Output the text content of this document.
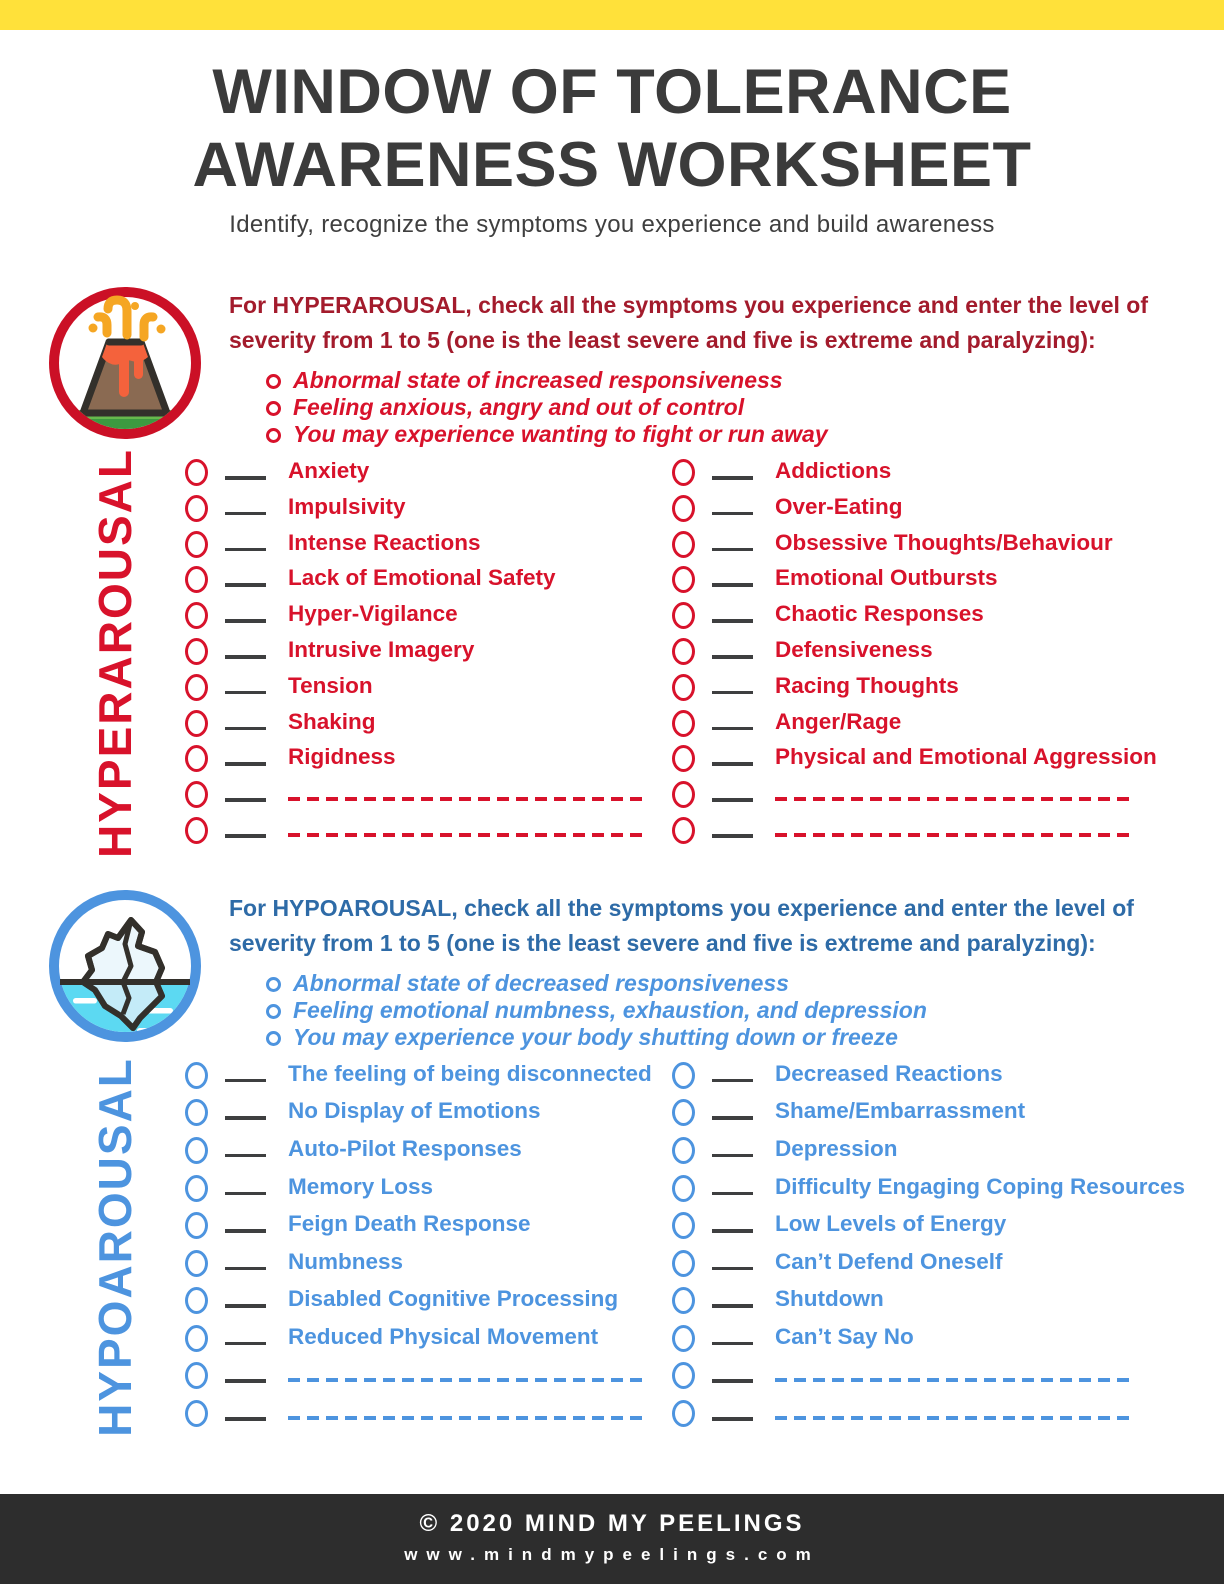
WINDOW OF TOLERANCE
AWARENESS WORKSHEET
Identify, recognize the symptoms you experience and build awareness

For HYPERAROUSAL, check all the symptoms you experience and enter the level of severity from 1 to 5 (one is the least severe and five is extreme and paralyzing):

Abnormal state of increased responsiveness
Feeling anxious, angry and out of control
You may experience wanting to fight or run away
HYPERAROUSAL	Anxiety
Impulsivity
Intense Reactions
Lack of Emotional Safety
Hyper-Vigilance
Intrusive Imagery
Tension
Shaking
Rigidness
Addictions
Over-Eating
Obsessive Thoughts/Behaviour
Emotional Outbursts
Chaotic Responses
Defensiveness
Racing Thoughts
Anger/Rage
Physical and Emotional Aggression

For HYPOAROUSAL, check all the symptoms you experience and enter the level of severity from 1 to 5 (one is the least severe and five is extreme and paralyzing):

Abnormal state of decreased responsiveness
Feeling emotional numbness, exhaustion, and depression
You may experience your body shutting down or freeze
HYPOAROUSAL	The feeling of being disconnected
No Display of Emotions
Auto-Pilot Responses
Memory Loss
Feign Death Response
Numbness
Disabled Cognitive Processing
Reduced Physical Movement
Decreased Reactions
Shame/Embarrassment
Depression
Difficulty Engaging Coping Resources
Low Levels of Energy
Can’t Defend Oneself
Shutdown
Can’t Say No
© 2020 MIND MY PEELINGS
www.mindmypeelings.com
